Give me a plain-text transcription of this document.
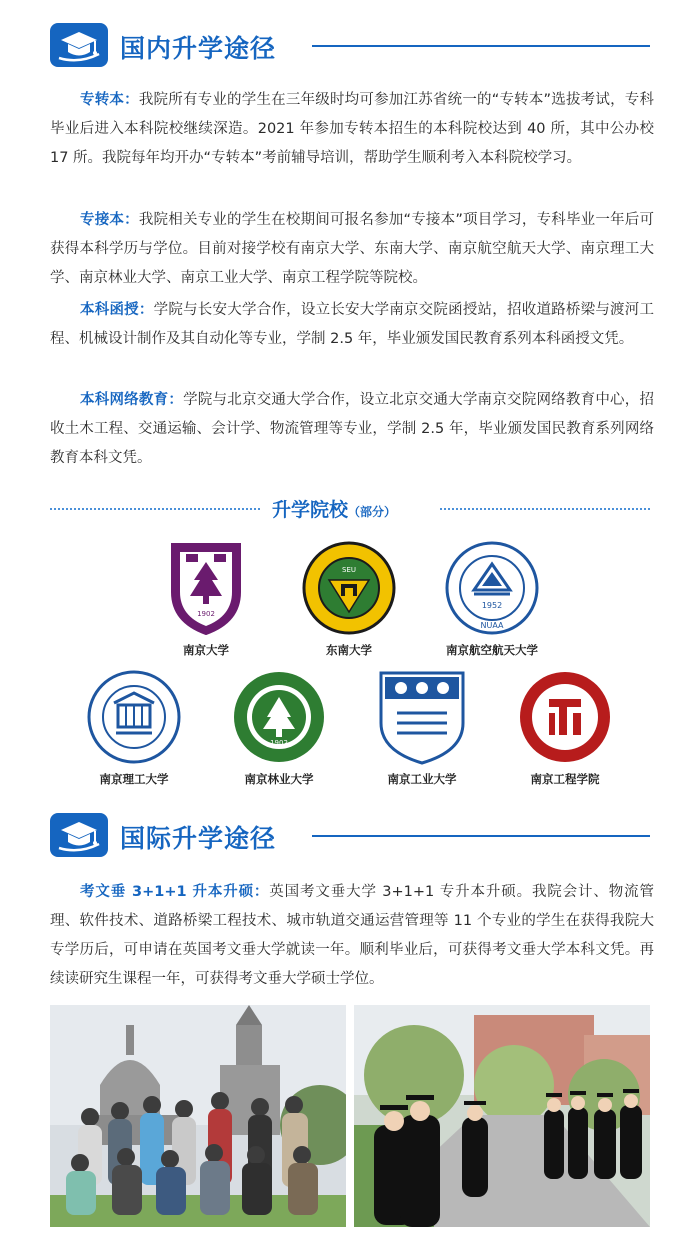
国内升学途径
专转本：我院所有专业的学生在三年级时均可参加江苏省统一的“专转本”选拔考试，专科毕业后进入本科院校继续深造。2021 年参加专转本招生的本科院校达到 40 所，其中公办校 17 所。我院每年均开办“专转本”考前辅导培训，帮助学生顺利考入本科院校学习。
专接本：我院相关专业的学生在校期间可报名参加“专接本”项目学习，专科毕业一年后可获得本科学历与学位。目前对接学校有南京大学、东南大学、南京航空航天大学、南京理工大学、南京林业大学、南京工业大学、南京工程学院等院校。
本科函授：学院与长安大学合作，设立长安大学南京交院函授站，招收道路桥梁与渡河工程、机械设计制作及其自动化等专业，学制 2.5 年，毕业颁发国民教育系列本科函授文凭。
本科网络教育：学院与北京交通大学合作，设立北京交通大学南京交院网络教育中心，招收土木工程、交通运输、会计学、物流管理等专业，学制 2.5 年，毕业颁发国民教育系列网络教育本科文凭。
升学院校（部分）
1902
南京大学
SEU
东南大学
1952
NUAA
南京航空航天大学
南京理工大学
1902
南京林业大学	南京工业大学	南京工程学院
国际升学途径
考文垂 3+1+1 升本升硕：英国考文垂大学 3+1+1 专升本升硕。我院会计、物流管理、软件技术、道路桥梁工程技术、城市轨道交通运营管理等 11 个专业的学生在获得我院大专学历后，可申请在英国考文垂大学就读一年。顺利毕业后，可获得考文垂大学本科文凭。再续读研究生课程一年，可获得考文垂大学硕士学位。
